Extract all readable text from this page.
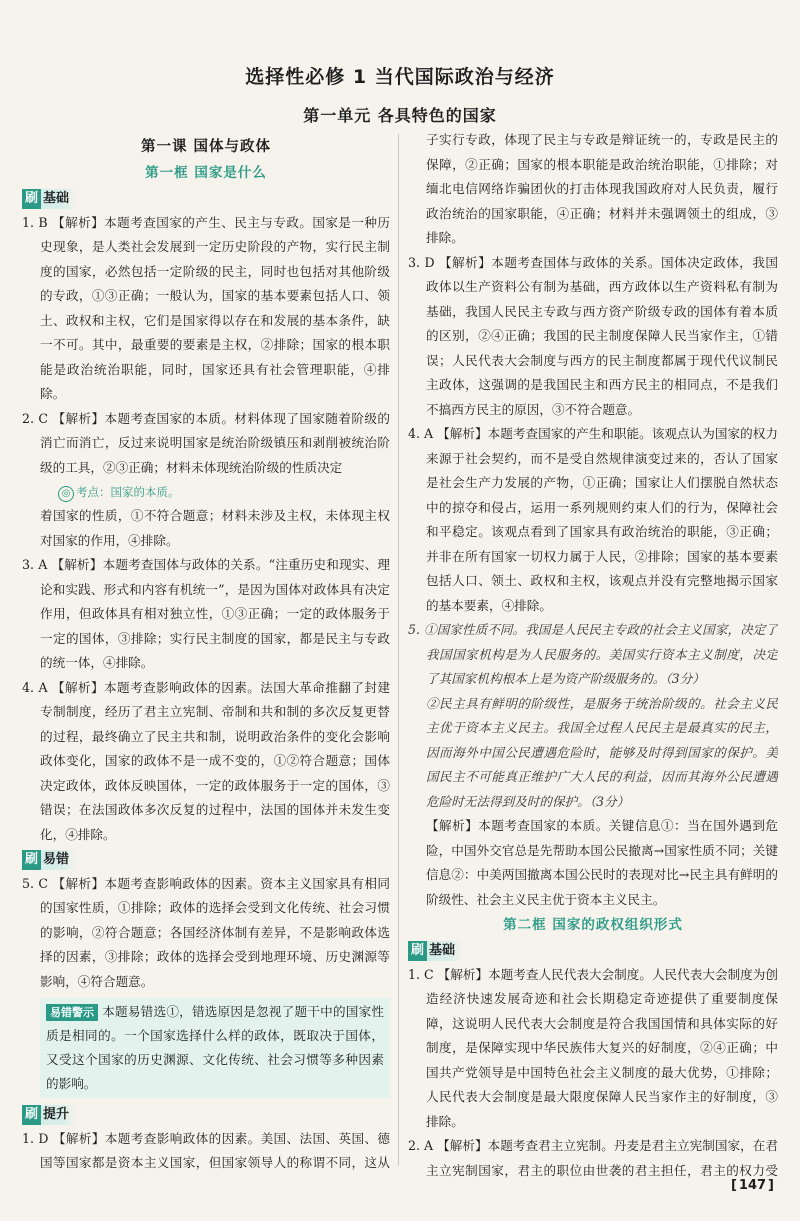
选择性必修 1 当代国际政治与经济
第一单元 各具特色的国家
第一课 国体与政体
第一框 国家是什么
刷 基础
1. B 【解析】本题考查国家的产生、民主与专政。国家是一种历史现象，是人类社会发展到一定历史阶段的产物，实行民主制度的国家，必然包括一定阶级的民主，同时也包括对其他阶级的专政，①③正确；一般认为，国家的基本要素包括人口、领土、政权和主权，它们是国家得以存在和发展的基本条件，缺一不可。其中，最重要的要素是主权，②排除；国家的根本职能是政治统治职能，同时，国家还具有社会管理职能，④排除。
2. C 【解析】本题考查国家的本质。材料体现了国家随着阶级的消亡而消亡，反过来说明国家是统治阶级镇压和剥削被统治阶级的工具，②③正确；材料未体现统治阶级的性质决定
◎ 考点：国家的本质。
着国家的性质，①不符合题意；材料未涉及主权，未体现主权对国家的作用，④排除。
3. A 【解析】本题考查国体与政体的关系。“注重历史和现实、理论和实践、形式和内容有机统一”，是因为国体对政体具有决定作用，但政体具有相对独立性，①③正确；一定的政体服务于一定的国体，③排除；实行民主制度的国家，都是民主与专政的统一体，④排除。
4. A 【解析】本题考查影响政体的因素。法国大革命推翻了封建专制制度，经历了君主立宪制、帝制和共和制的多次反复更替的过程，最终确立了民主共和制，说明政治条件的变化会影响政体变化，国家的政体不是一成不变的，①②符合题意；国体决定政体，政体反映国体，一定的政体服务于一定的国体，③错误；在法国政体多次反复的过程中，法国的国体并未发生变化，④排除。
刷 易错
5. C 【解析】本题考查影响政体的因素。资本主义国家具有相同的国家性质，①排除；政体的选择会受到文化传统、社会习惯的影响，②符合题意；各国经济体制有差异，不是影响政体选择的因素，③排除；政体的选择会受到地理环境、历史渊源等影响，④符合题意。
易错警示 本题易错选①，错选原因是忽视了题干中的国家性质是相同的。一个国家选择什么样的政体，既取决于国体，又受这个国家的历史渊源、文化传统、社会习惯等多种因素的影响。
刷 提升
1. D 【解析】本题考查影响政体的因素。美国、法国、英国、德国等国家都是资本主义国家，但国家领导人的称谓不同，这从
子实行专政，体现了民主与专政是辩证统一的，专政是民主的保障，②正确；国家的根本职能是政治统治职能，①排除；对缅北电信网络诈骗团伙的打击体现我国政府对人民负责，履行政治统治的国家职能，④正确；材料并未强调领土的组成，③排除。
3. D 【解析】本题考查国体与政体的关系。国体决定政体，我国政体以生产资料公有制为基础，西方政体以生产资料私有制为基础，我国人民民主专政与西方资产阶级专政的国体有着本质的区别，②④正确；我国的民主制度保障人民当家作主，①错误；人民代表大会制度与西方的民主制度都属于现代代议制民主政体，这强调的是我国民主和西方民主的相同点，不是我们不搞西方民主的原因，③不符合题意。
4. A 【解析】本题考查国家的产生和职能。该观点认为国家的权力来源于社会契约，而不是受自然规律演变过来的，否认了国家是社会生产力发展的产物，①正确；国家让人们摆脱自然状态中的掠夺和侵占，运用一系列规则约束人们的行为，保障社会和平稳定。该观点看到了国家具有政治统治的职能，③正确；并非在所有国家一切权力属于人民，②排除；国家的基本要素包括人口、领土、政权和主权，该观点并没有完整地揭示国家的基本要素，④排除。
5. ①国家性质不同。我国是人民民主专政的社会主义国家，决定了我国国家机构是为人民服务的。美国实行资本主义制度，决定了其国家机构根本上是为资产阶级服务的。（3分）
②民主具有鲜明的阶级性，是服务于统治阶级的。社会主义民主优于资本主义民主。我国全过程人民民主是最真实的民主，因而海外中国公民遭遇危险时，能够及时得到国家的保护。美国民主不可能真正维护广大人民的利益，因而其海外公民遭遇危险时无法得到及时的保护。（3分）
【解析】本题考查国家的本质。关键信息①：当在国外遇到危险，中国外交官总是先帮助本国公民撤离→国家性质不同；关键信息②：中美两国撤离本国公民时的表现对比→民主具有鲜明的阶级性、社会主义民主优于资本主义民主。
第二框 国家的政权组织形式
刷 基础
1. C 【解析】本题考查人民代表大会制度。人民代表大会制度为创造经济快速发展奇迹和社会长期稳定奇迹提供了重要制度保障，这说明人民代表大会制度是符合我国国情和具体实际的好制度，是保障实现中华民族伟大复兴的好制度，②④正确；中国共产党领导是中国特色社会主义制度的最大优势，①排除；人民代表大会制度是最大限度保障人民当家作主的好制度，③排除。
2. A 【解析】本题考查君主立宪制。丹麦是君主立宪制国家，在君主立宪制国家，君主的职位由世袭的君主担任，君主的权力受
[ 147 ]
